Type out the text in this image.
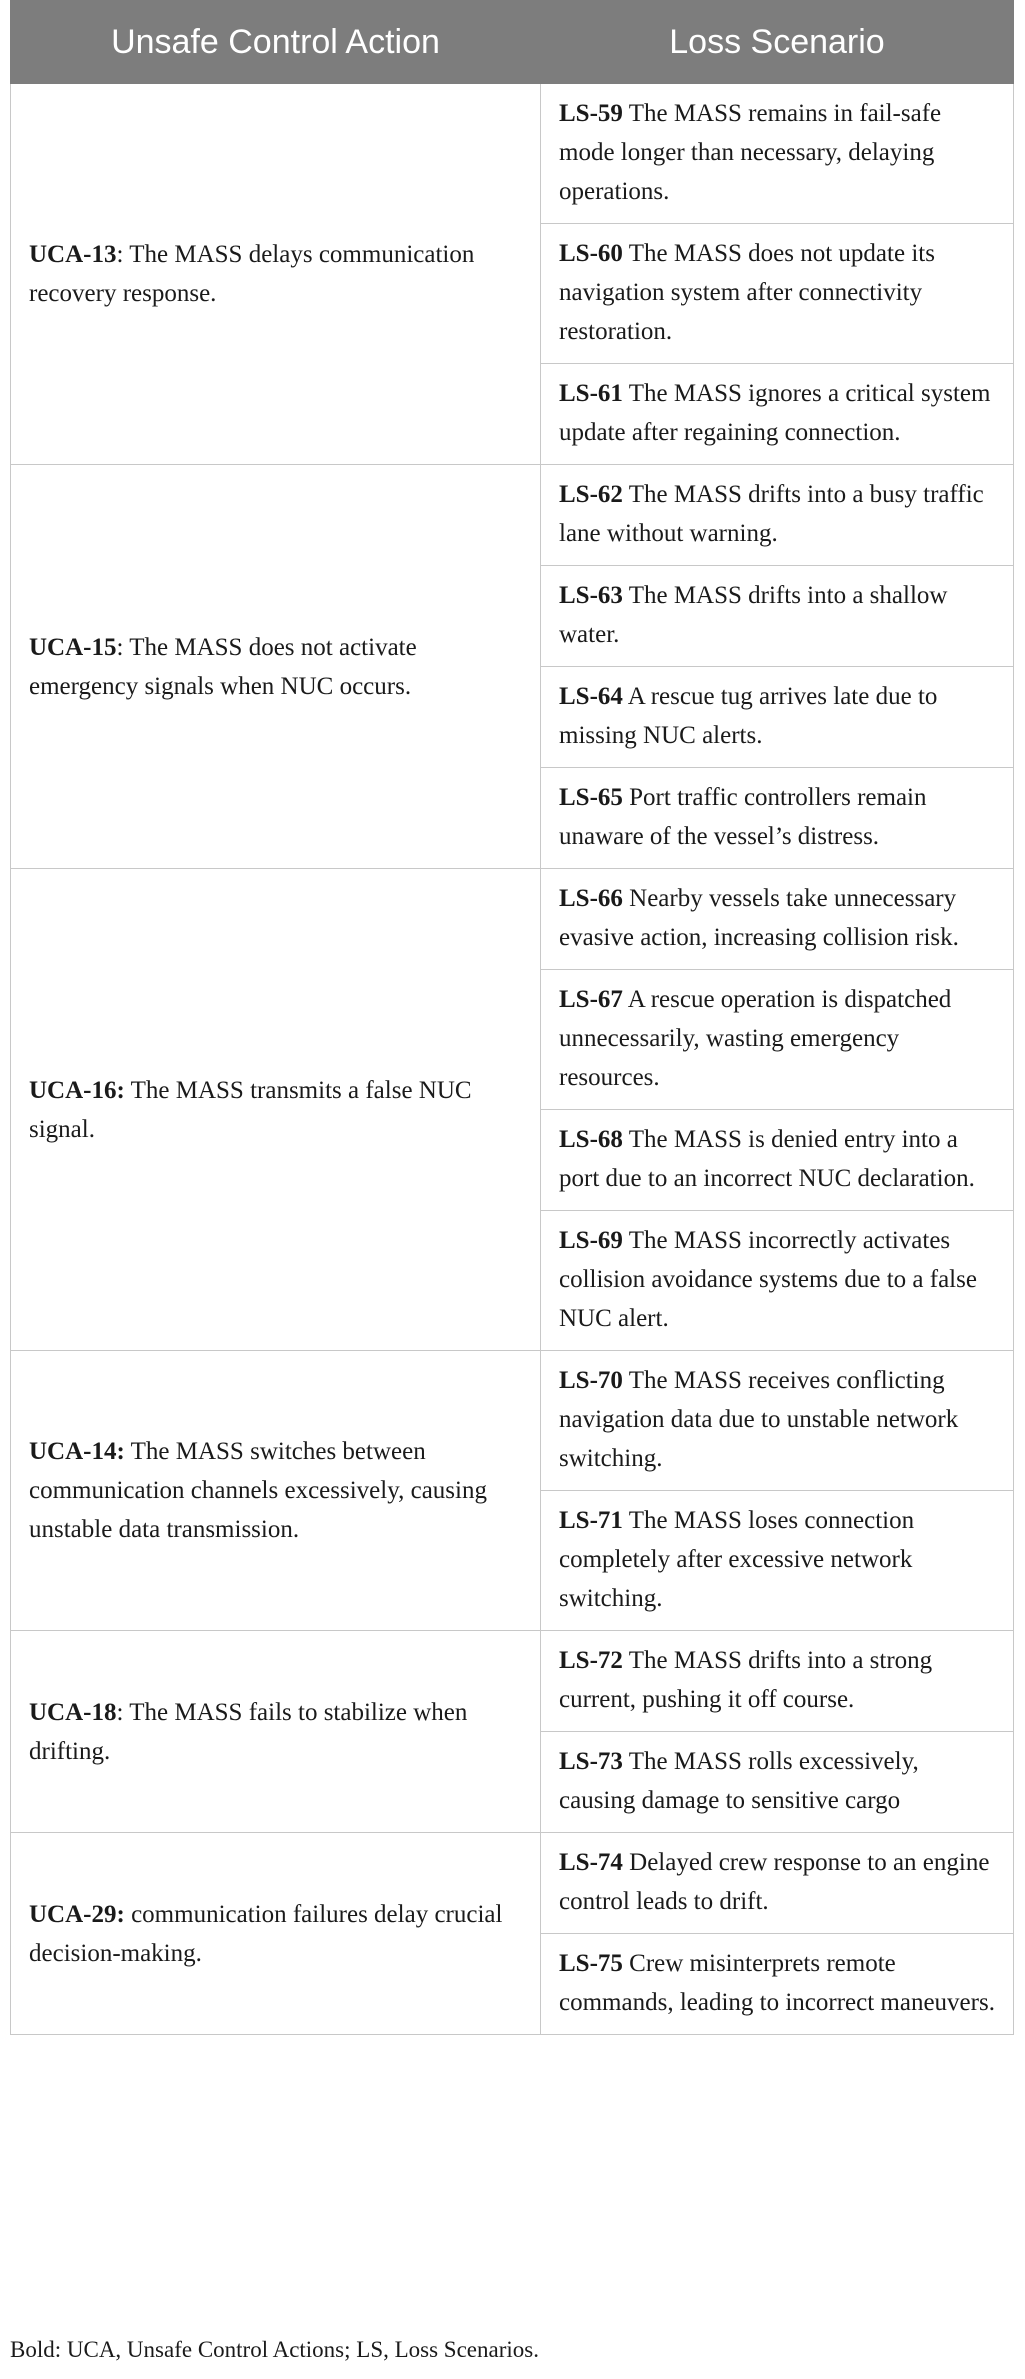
Unsafe Control Action	Loss Scenario
UCA-13: The MASS delays communication recovery response.	LS-59 The MASS remains in fail-safe mode longer than necessary, delaying operations.
	LS-60 The MASS does not update its navigation system after connectivity restoration.
	LS-61 The MASS ignores a critical system update after regaining connection.
UCA-15: The MASS does not activate emergency signals when NUC occurs.	LS-62 The MASS drifts into a busy traffic lane without warning.
	LS-63 The MASS drifts into a shallow water.
	LS-64 A rescue tug arrives late due to missing NUC alerts.
	LS-65 Port traffic controllers remain unaware of the vessel’s distress.
UCA-16: The MASS transmits a false NUC signal.	LS-66 Nearby vessels take unnecessary evasive action, increasing collision risk.
	LS-67 A rescue operation is dispatched unnecessarily, wasting emergency resources.
	LS-68 The MASS is denied entry into a port due to an incorrect NUC declaration.
	LS-69 The MASS incorrectly activates collision avoidance systems due to a false NUC alert.
UCA-14: The MASS switches between communication channels excessively, causing unstable data transmission.	LS-70 The MASS receives conflicting navigation data due to unstable network switching.
	LS-71 The MASS loses connection completely after excessive network switching.
UCA-18: The MASS fails to stabilize when drifting.	LS-72 The MASS drifts into a strong current, pushing it off course.
	LS-73 The MASS rolls excessively, causing damage to sensitive cargo
UCA-29: communication failures delay crucial decision-making.	LS-74 Delayed crew response to an engine control leads to drift.
	LS-75 Crew misinterprets remote commands, leading to incorrect maneuvers.
Bold: UCA, Unsafe Control Actions; LS, Loss Scenarios.
